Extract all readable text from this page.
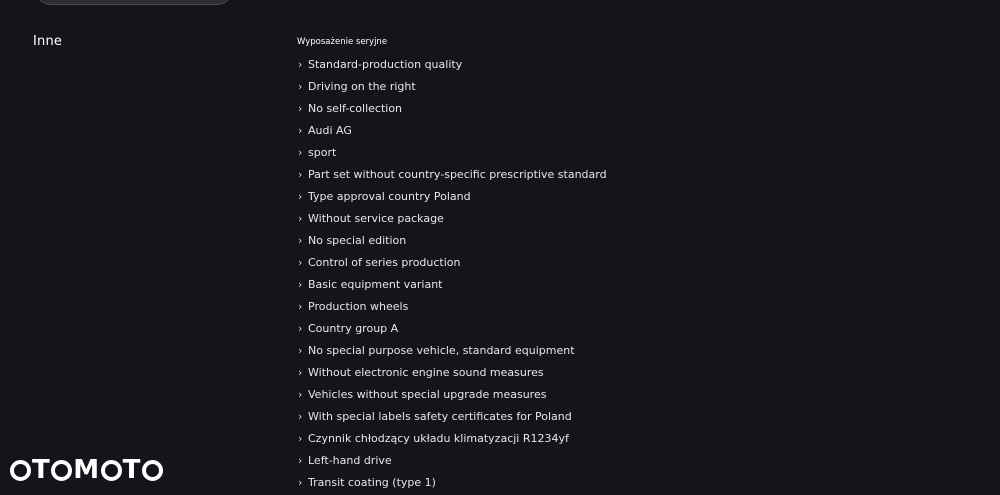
Inne	Wyposażenie seryjne
› Standard-production quality
› Driving on the right
› No self-collection
› Audi AG
› sport
› Part set without country-specific prescriptive standard
› Type approval country Poland
› Without service package
› No special edition
› Control of series production
› Basic equipment variant
› Production wheels
› Country group A
› No special purpose vehicle, standard equipment
› Without electronic engine sound measures
› Vehicles without special upgrade measures
› With special labels safety certificates for Poland
› Czynnik chłodzący układu klimatyzacji R1234yf
› Left-hand drive
› Transit coating (type 1)
T M T
